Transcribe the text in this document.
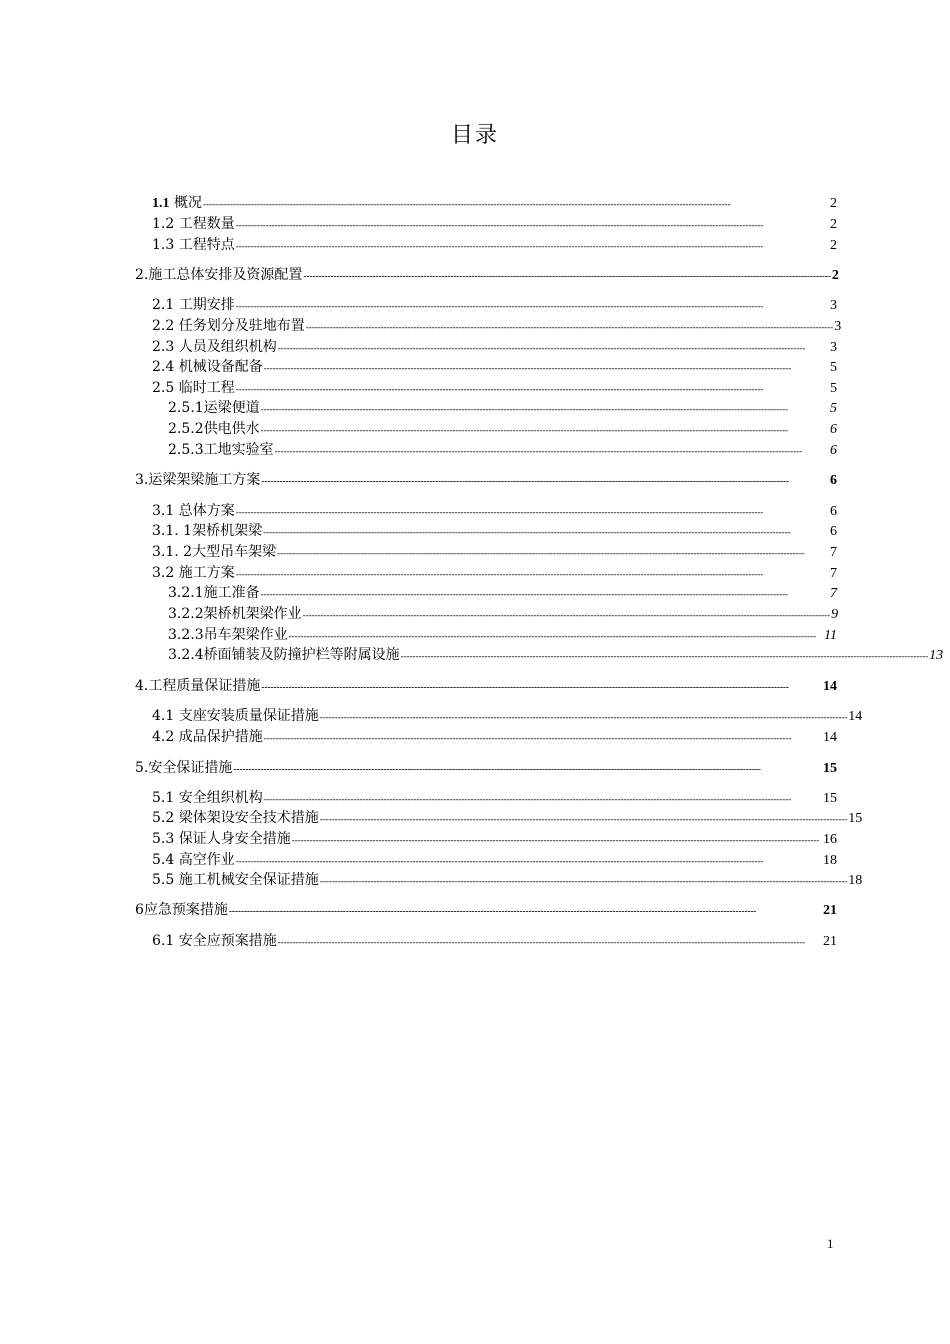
目录
1.1 概况 --------------------------------------------------------------------------------------------------------------------------------------------------------------------------------	2
1.2 工程数量 --------------------------------------------------------------------------------------------------------------------------------------------------------------------------------	2
1.3 工程特点 --------------------------------------------------------------------------------------------------------------------------------------------------------------------------------	2
2.施工总体安排及资源配置 -------------------------------------------------------------------------------------------------------------------------------------------------------------------------------- 2
2.1 工期安排 --------------------------------------------------------------------------------------------------------------------------------------------------------------------------------	3
2.2 任务划分及驻地布置 -------------------------------------------------------------------------------------------------------------------------------------------------------------------------------- 3
2.3 人员及组织机构 --------------------------------------------------------------------------------------------------------------------------------------------------------------------------------	3
2.4 机械设备配备 --------------------------------------------------------------------------------------------------------------------------------------------------------------------------------	5
2.5 临时工程 --------------------------------------------------------------------------------------------------------------------------------------------------------------------------------	5
2.5.1运梁便道 --------------------------------------------------------------------------------------------------------------------------------------------------------------------------------	5
2.5.2供电供水 --------------------------------------------------------------------------------------------------------------------------------------------------------------------------------	6
2.5.3工地实验室 --------------------------------------------------------------------------------------------------------------------------------------------------------------------------------	6
3.运梁架梁施工方案 --------------------------------------------------------------------------------------------------------------------------------------------------------------------------------	6
3.1 总体方案 --------------------------------------------------------------------------------------------------------------------------------------------------------------------------------	6
3.1. 1架桥机架梁 --------------------------------------------------------------------------------------------------------------------------------------------------------------------------------	6
3.1. 2大型吊车架梁 --------------------------------------------------------------------------------------------------------------------------------------------------------------------------------	7
3.2 施工方案 --------------------------------------------------------------------------------------------------------------------------------------------------------------------------------	7
3.2.1施工准备 --------------------------------------------------------------------------------------------------------------------------------------------------------------------------------	7
3.2.2架桥机架梁作业 -------------------------------------------------------------------------------------------------------------------------------------------------------------------------------- 9
3.2.3吊车架梁作业 -------------------------------------------------------------------------------------------------------------------------------------------------------------------------------- 11
3.2.4桥面铺装及防撞护栏等附属设施 -------------------------------------------------------------------------------------------------------------------------------------------------------------------------------- 13
4.工程质量保证措施 --------------------------------------------------------------------------------------------------------------------------------------------------------------------------------	14
4.1 支座安装质量保证措施 -------------------------------------------------------------------------------------------------------------------------------------------------------------------------------- 14
4.2 成品保护措施 --------------------------------------------------------------------------------------------------------------------------------------------------------------------------------	14
5.安全保证措施 --------------------------------------------------------------------------------------------------------------------------------------------------------------------------------	15
5.1 安全组织机构 --------------------------------------------------------------------------------------------------------------------------------------------------------------------------------	15
5.2 梁体架设安全技术措施 -------------------------------------------------------------------------------------------------------------------------------------------------------------------------------- 15
5.3 保证人身安全措施 -------------------------------------------------------------------------------------------------------------------------------------------------------------------------------- 16
5.4 高空作业 --------------------------------------------------------------------------------------------------------------------------------------------------------------------------------	18
5.5 施工机械安全保证措施 -------------------------------------------------------------------------------------------------------------------------------------------------------------------------------- 18
6应急预案措施 --------------------------------------------------------------------------------------------------------------------------------------------------------------------------------	21
6.1 安全应预案措施 --------------------------------------------------------------------------------------------------------------------------------------------------------------------------------	21
1
